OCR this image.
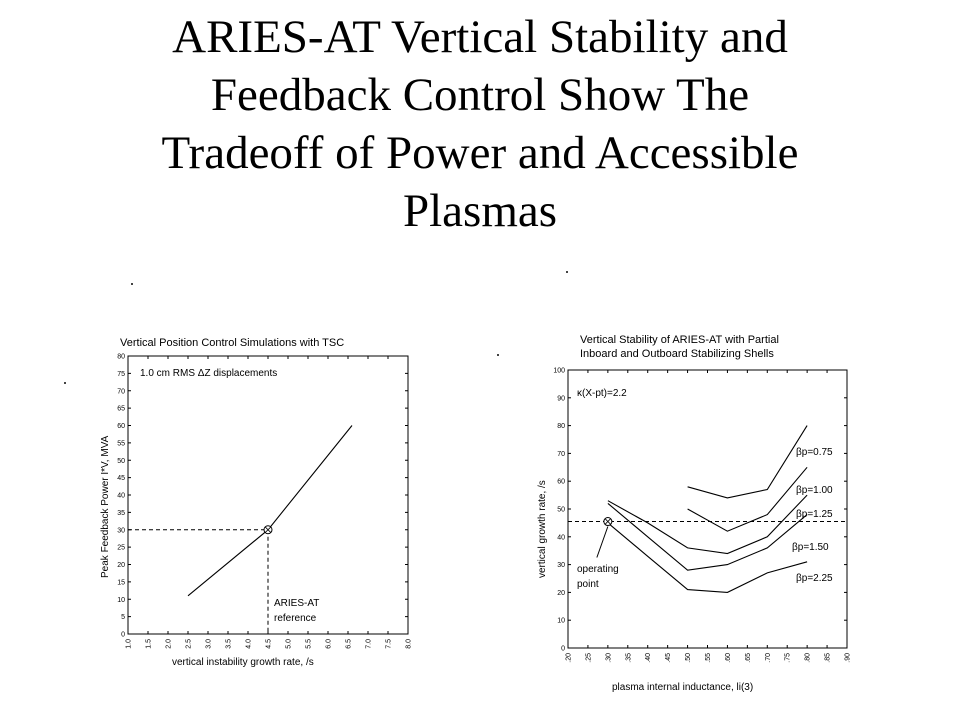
ARIES-AT Vertical Stability and
Feedback Control Show The
Tradeoff of Power and Accessible
Plasmas
Vertical Position Control Simulations with TSC
0
5
10
15
20
25
30
35
40
45
50
55
60
65
70
75
80
1.0 1.5 2.0 2.5 3.0 3.5 4.0 4.5 5.0 5.5 6.0 6.5 7.0 7.5 8.0
1.0 cm RMS ΔZ displacements
ARIES-AT
reference
vertical instability growth rate, /s
Peak Feedback Power I*V, MVA
Vertical Stability of ARIES-AT with Partial
Inboard and Outboard Stabilizing Shells
0
10
20
30
40
50
60
70
80
90
100
.20 .25 .30 .35 .40 .45 .50 .55 .60 .65 .70 .75 .80 .85 .90
βp=0.75
βp=1.00
βp=1.25
βp=1.50
βp=2.25
κ(X-pt)=2.2
operating
point
plasma internal inductance, li(3)
vertical growth rate, /s
